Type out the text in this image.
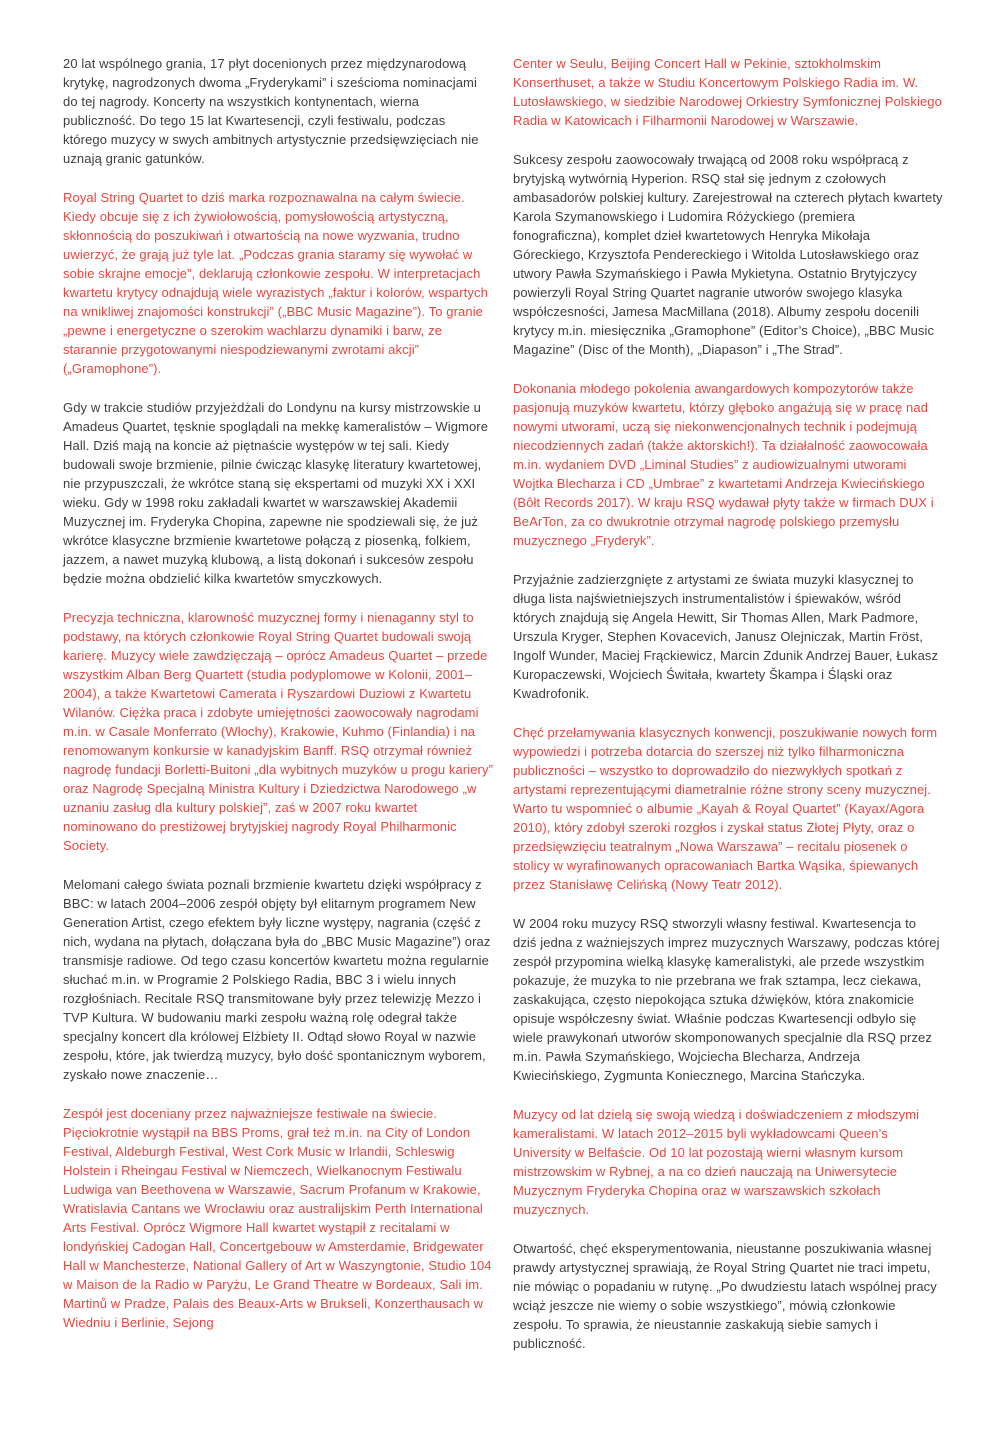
20 lat wspólnego grania, 17 płyt docenionych przez międzynarodową krytykę, nagrodzonych dwoma „Fryderykami” i sześcioma nominacjami do tej nagrody. Koncerty na wszystkich kontynentach, wierna publiczność. Do tego 15 lat Kwartesencji, czyli festiwalu, podczas którego muzycy w swych ambitnych artystycznie przedsięwzięciach nie uznają granic gatunków.

Royal String Quartet to dziś marka rozpoznawalna na całym świecie. Kiedy obcuje się z ich żywiołowością, pomysłowością artystyczną, skłonnością do poszukiwań i otwartością na nowe wyzwania, trudno uwierzyć, że grają już tyle lat. „Podczas grania staramy się wywołać w sobie skrajne emocje”, deklarują członkowie zespołu. W interpretacjach kwartetu krytycy odnajdują wiele wyrazistych „faktur i kolorów, wspartych na wnikliwej znajomości konstrukcji” („BBC Music Magazine”). To granie „pewne i energetyczne o szerokim wachlarzu dynamiki i barw, ze starannie przygotowanymi niespodziewanymi zwrotami akcji” („Gramophone”).

Gdy w trakcie studiów przyjeżdżali do Londynu na kursy mistrzowskie u Amadeus Quartet, tęsknie spoglądali na mekkę kameralistów – Wigmore Hall. Dziś mają na koncie aż piętnaście występów w tej sali. Kiedy budowali swoje brzmienie, pilnie ćwicząc klasykę literatury kwartetowej, nie przypuszczali, że wkrótce staną się ekspertami od muzyki XX i XXI wieku. Gdy w 1998 roku zakładali kwartet w warszawskiej Akademii Muzycznej im. Fryderyka Chopina, zapewne nie spodziewali się, że już wkrótce klasyczne brzmienie kwartetowe połączą z piosenką, folkiem, jazzem, a nawet muzyką klubową, a listą dokonań i sukcesów zespołu będzie można obdzielić kilka kwartetów smyczkowych.

Precyzja techniczna, klarowność muzycznej formy i nienaganny styl to podstawy, na których członkowie Royal String Quartet budowali swoją karierę. Muzycy wiele zawdzięczają – oprócz Amadeus Quartet – przede wszystkim Alban Berg Quartett (studia podyplomowe w Kolonii, 2001–2004), a także Kwartetowi Camerata i Ryszardowi Duziowi z Kwartetu Wilanów. Ciężka praca i zdobyte umiejętności zaowocowały nagrodami m.in. w Casale Monferrato (Włochy), Krakowie, Kuhmo (Finlandia) i na renomowanym konkursie w kanadyjskim Banff. RSQ otrzymał również nagrodę fundacji Borletti-Buitoni „dla wybitnych muzyków u progu kariery” oraz Nagrodę Specjalną Ministra Kultury i Dziedzictwa Narodowego „w uznaniu zasług dla kultury polskiej”, zaś w 2007 roku kwartet nominowano do prestiżowej brytyjskiej nagrody Royal Philharmonic Society.

Melomani całego świata poznali brzmienie kwartetu dzięki współpracy z BBC: w latach 2004–2006 zespół objęty był elitarnym programem New Generation Artist, czego efektem były liczne występy, nagrania (część z nich, wydana na płytach, dołączana była do „BBC Music Magazine”) oraz transmisje radiowe. Od tego czasu koncertów kwartetu można regularnie słuchać m.in. w Programie 2 Polskiego Radia, BBC 3 i wielu innych rozgłośniach. Recitale RSQ transmitowane były przez telewizję Mezzo i TVP Kultura. W budowaniu marki zespołu ważną rolę odegrał także specjalny koncert dla królowej Elżbiety II. Odtąd słowo Royal w nazwie zespołu, które, jak twierdzą muzycy, było dość spontanicznym wyborem, zyskało nowe znaczenie…

Zespół jest doceniany przez najważniejsze festiwale na świecie. Pięciokrotnie wystąpił na BBS Proms, grał też m.in. na City of London Festival, Aldeburgh Festival, West Cork Music w Irlandii, Schleswig Holstein i Rheingau Festival w Niemczech, Wielkanocnym Festiwalu Ludwiga van Beethovena w Warszawie, Sacrum Profanum w Krakowie, Wratislavia Cantans we Wrocławiu oraz australijskim Perth International Arts Festival. Oprócz Wigmore Hall kwartet wystąpił z recitalami w londyńskiej Cadogan Hall, Concertgebouw w Amsterdamie, Bridgewater Hall w Manchesterze, National Gallery of Art w Waszyngtonie, Studio 104 w Maison de la Radio w Paryżu, Le Grand Theatre w Bordeaux, Sali im. Martinů w Pradze, Palais des Beaux-Arts w Brukseli, Konzerthausach w Wiedniu i Berlinie, Sejong

Center w Seulu, Beijing Concert Hall w Pekinie, sztokholmskim Konserthuset, a także w Studiu Koncertowym Polskiego Radia im. W. Lutosławskiego, w siedzibie Narodowej Orkiestry Symfonicznej Polskiego Radia w Katowicach i Filharmonii Narodowej w Warszawie.

Sukcesy zespołu zaowocowały trwającą od 2008 roku współpracą z brytyjską wytwórnią Hyperion. RSQ stał się jednym z czołowych ambasadorów polskiej kultury. Zarejestrował na czterech płytach kwartety Karola Szymanowskiego i Ludomira Różyckiego (premiera fonograficzna), komplet dzieł kwartetowych Henryka Mikołaja Góreckiego, Krzysztofa Pendereckiego i Witolda Lutosławskiego oraz utwory Pawła Szymańskiego i Pawła Mykietyna. Ostatnio Brytyjczycy powierzyli Royal String Quartet nagranie utworów swojego klasyka współczesności, Jamesa MacMillana (2018). Albumy zespołu docenili krytycy m.in. miesięcznika „Gramophone” (Editor’s Choice), „BBC Music Magazine” (Disc of the Month), „Diapason” i „The Strad”.

Dokonania młodego pokolenia awangardowych kompozytorów także pasjonują muzyków kwartetu, którzy głęboko angażują się w pracę nad nowymi utworami, uczą się niekonwencjonalnych technik i podejmują niecodziennych zadań (także aktorskich!). Ta działalność zaowocowała m.in. wydaniem DVD „Liminal Studies” z audiowizualnymi utworami Wojtka Blecharza i CD „Umbrae” z kwartetami Andrzeja Kwiecińskiego (Bôłt Records 2017). W kraju RSQ wydawał płyty także w firmach DUX i BeArTon, za co dwukrotnie otrzymał nagrodę polskiego przemysłu muzycznego „Fryderyk”.

Przyjaźnie zadzierzgnięte z artystami ze świata muzyki klasycznej to długa lista najświetniejszych instrumentalistów i śpiewaków, wśród których znajdują się Angela Hewitt, Sir Thomas Allen, Mark Padmore, Urszula Kryger, Stephen Kovacevich, Janusz Olejniczak, Martin Fröst, Ingolf Wunder, Maciej Frąckiewicz, Marcin Zdunik Andrzej Bauer, Łukasz Kuropaczewski, Wojciech Świtała, kwartety Škampa i Śląski oraz Kwadrofonik.

Chęć przełamywania klasycznych konwencji, poszukiwanie nowych form wypowiedzi i potrzeba dotarcia do szerszej niż tylko filharmoniczna publiczności – wszystko to doprowadziło do niezwykłych spotkań z artystami reprezentującymi diametralnie różne strony sceny muzycznej. Warto tu wspomnieć o albumie „Kayah & Royal Quartet” (Kayax/Agora 2010), który zdobył szeroki rozgłos i zyskał status Złotej Płyty, oraz o przedsięwzięciu teatralnym „Nowa Warszawa” – recitalu piosenek o stolicy w wyrafinowanych opracowaniach Bartka Wąsika, śpiewanych przez Stanisławę Celińską (Nowy Teatr 2012).

W 2004 roku muzycy RSQ stworzyli własny festiwal. Kwartesencja to dziś jedna z ważniejszych imprez muzycznych Warszawy, podczas której zespół przypomina wielką klasykę kameralistyki, ale przede wszystkim pokazuje, że muzyka to nie przebrana we frak sztampa, lecz ciekawa, zaskakująca, często niepokojąca sztuka dźwięków, która znakomicie opisuje współczesny świat. Właśnie podczas Kwartesencji odbyło się wiele prawykonań utworów skomponowanych specjalnie dla RSQ przez m.in. Pawła Szymańskiego, Wojciecha Blecharza, Andrzeja Kwiecińskiego, Zygmunta Koniecznego, Marcina Stańczyka.

Muzycy od lat dzielą się swoją wiedzą i doświadczeniem z młodszymi kameralistami. W latach 2012–2015 byli wykładowcami Queen’s University w Belfaście. Od 10 lat pozostają wierni własnym kursom mistrzowskim w Rybnej, a na co dzień nauczają na Uniwersytecie Muzycznym Fryderyka Chopina oraz w warszawskich szkołach muzycznych.

Otwartość, chęć eksperymentowania, nieustanne poszukiwania własnej prawdy artystycznej sprawiają, że Royal String Quartet nie traci impetu, nie mówiąc o popadaniu w rutynę. „Po dwudziestu latach wspólnej pracy wciąż jeszcze nie wiemy o sobie wszystkiego”, mówią członkowie zespołu. To sprawia, że nieustannie zaskakują siebie samych i publiczność.
